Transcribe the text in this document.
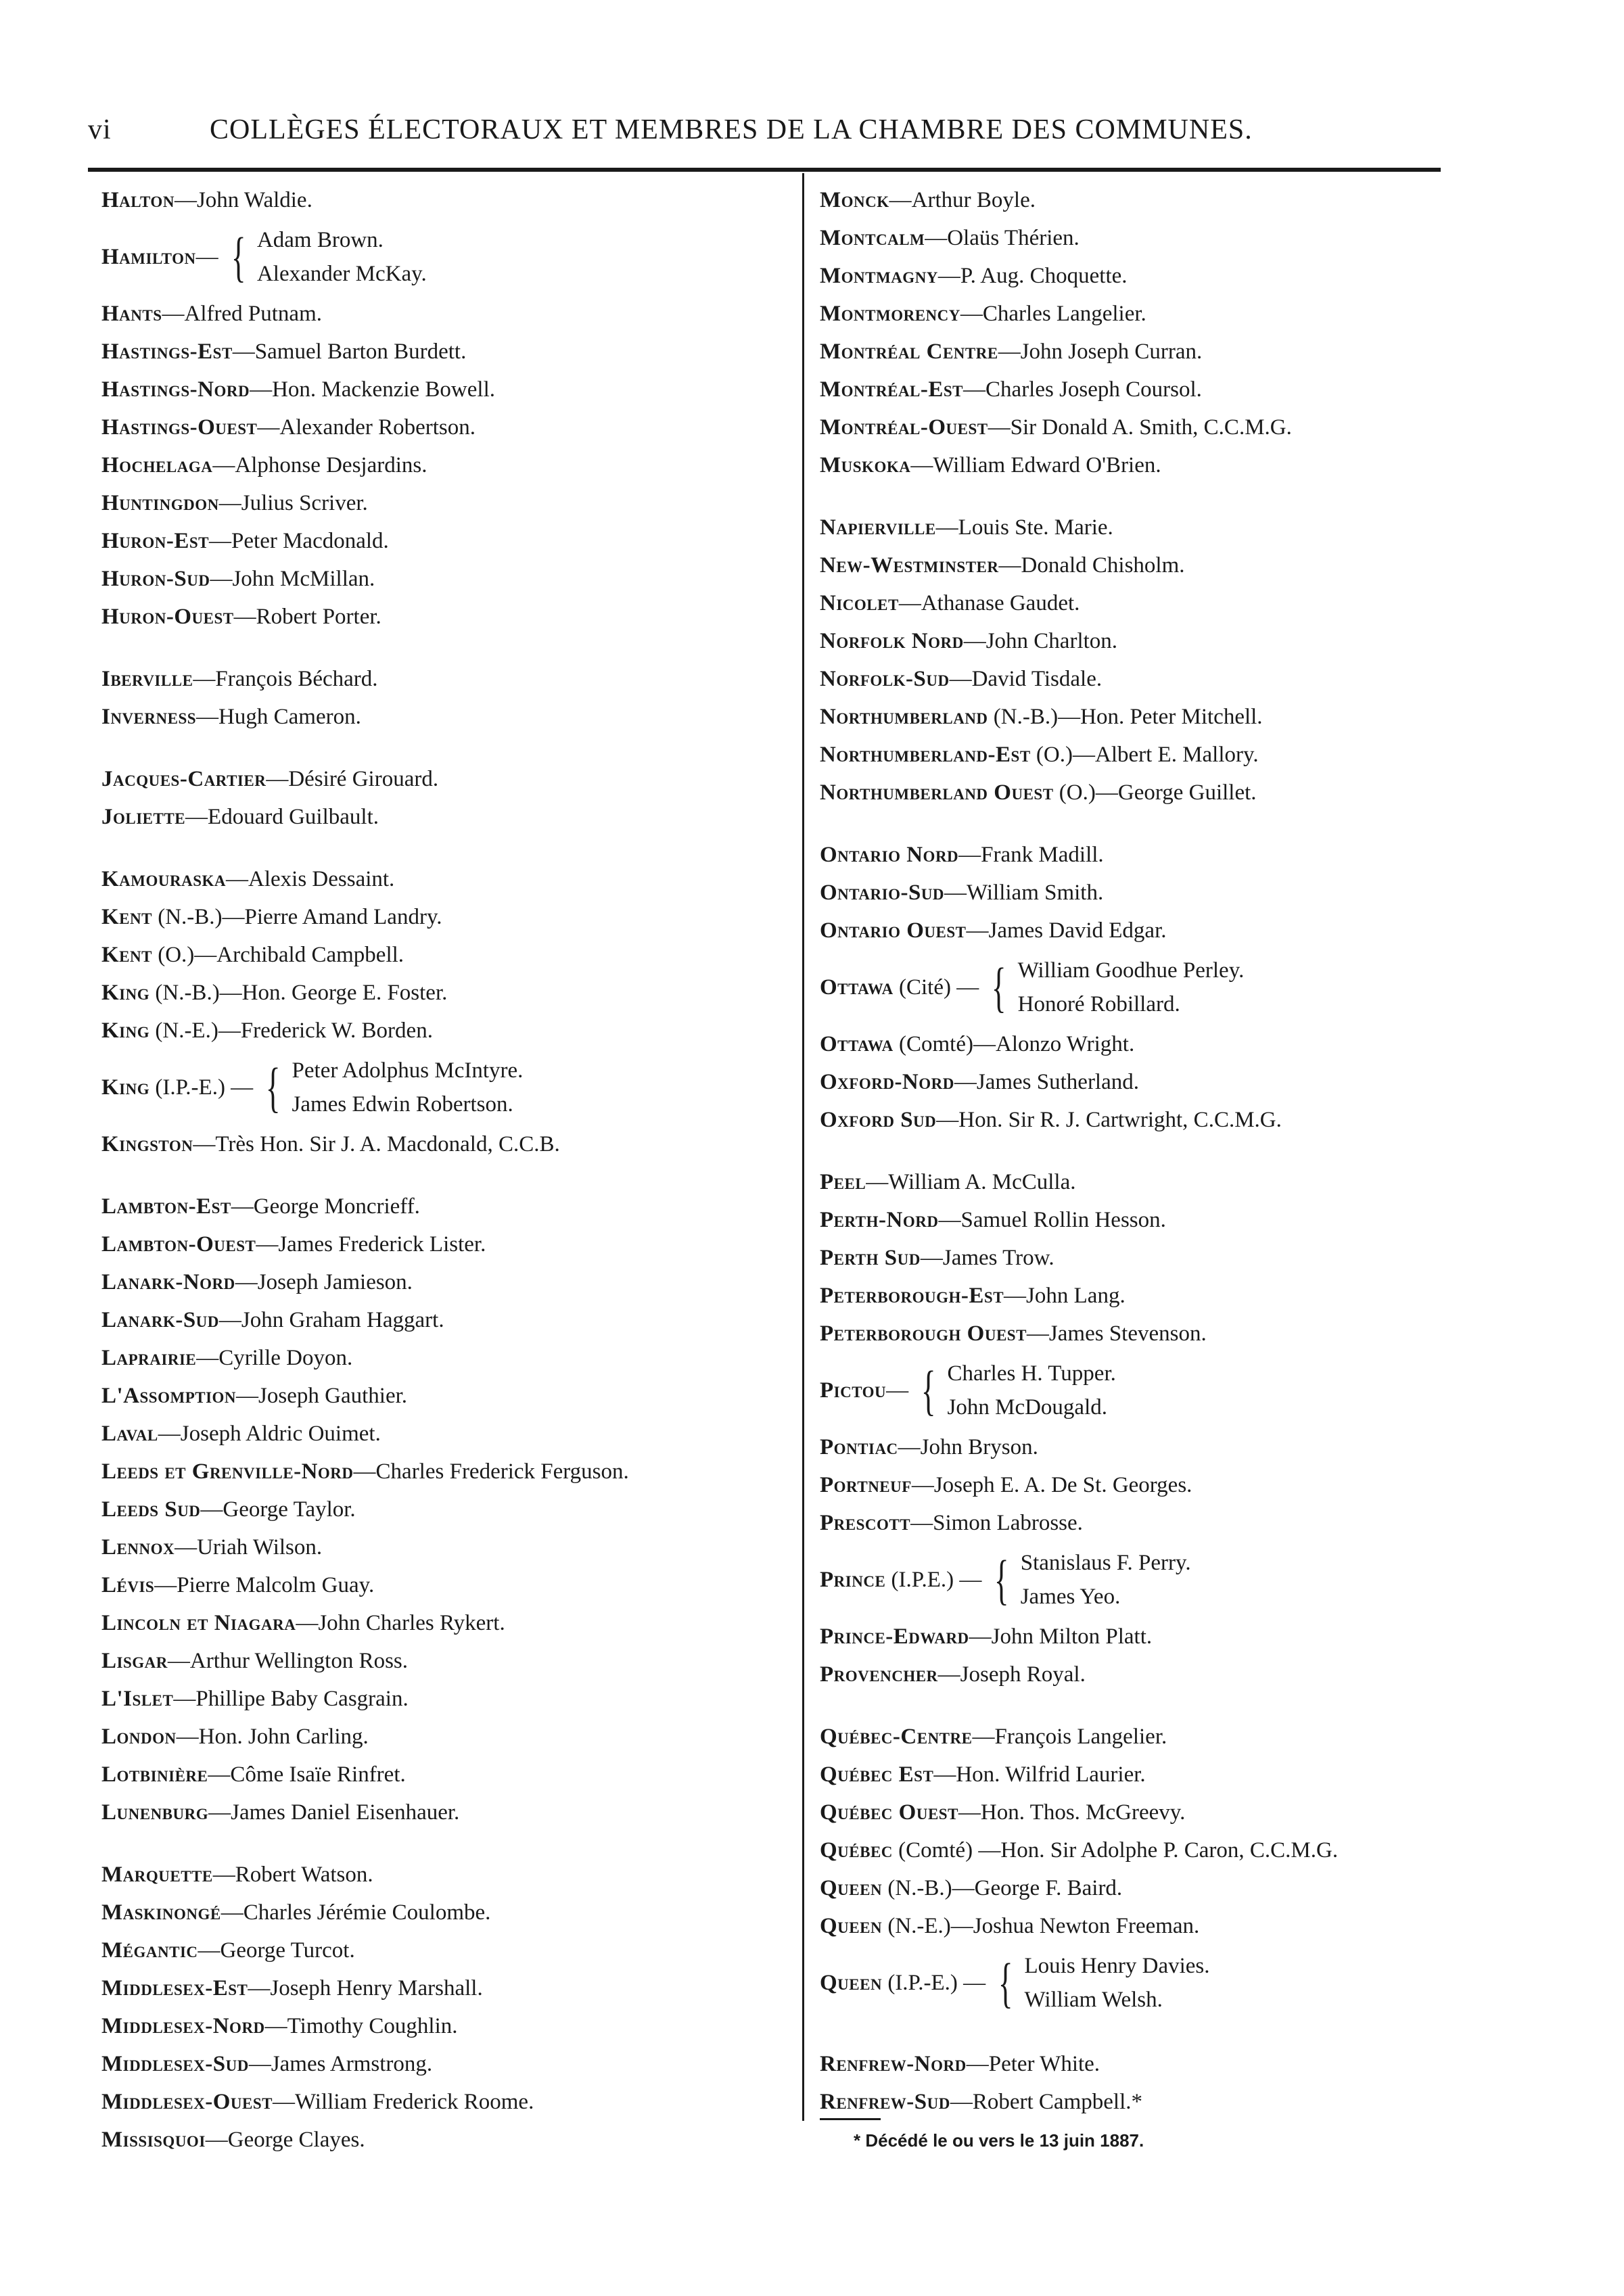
vi	COLLÈGES ÉLECTORAUX ET MEMBRES DE LA CHAMBRE DES COMMUNES.
Halton—John Waldie.
Hamilton— { Adam Brown.
Alexander McKay.
Hants—Alfred Putnam.
Hastings-Est—Samuel Barton Burdett.
Hastings-Nord—Hon. Mackenzie Bowell.
Hastings-Ouest—Alexander Robertson.
Hochelaga—Alphonse Desjardins.
Huntingdon—Julius Scriver.
Huron-Est—Peter Macdonald.
Huron-Sud—John McMillan.
Huron-Ouest—Robert Porter.
Iberville—François Béchard.
Inverness—Hugh Cameron.
Jacques-Cartier—Désiré Girouard.
Joliette—Edouard Guilbault.
Kamouraska—Alexis Dessaint.
Kent (N.-B.)—Pierre Amand Landry.
Kent (O.)—Archibald Campbell.
King (N.-B.)—Hon. George E. Foster.
King (N.-E.)—Frederick W. Borden.
King (I.P.-E.) — { Peter Adolphus McIntyre.
James Edwin Robertson.
Kingston—Très Hon. Sir J. A. Macdonald, C.C.B.
Lambton-Est—George Moncrieff.
Lambton-Ouest—James Frederick Lister.
Lanark-Nord—Joseph Jamieson.
Lanark-Sud—John Graham Haggart.
Laprairie—Cyrille Doyon.
L'Assomption—Joseph Gauthier.
Laval—Joseph Aldric Ouimet.
Leeds et Grenville-Nord—Charles Frederick Ferguson.
Leeds Sud—George Taylor.
Lennox—Uriah Wilson.
Lévis—Pierre Malcolm Guay.
Lincoln et Niagara—John Charles Rykert.
Lisgar—Arthur Wellington Ross.
L'Islet—Phillipe Baby Casgrain.
London—Hon. John Carling.
Lotbinière—Côme Isaïe Rinfret.
Lunenburg—James Daniel Eisenhauer.
Marquette—Robert Watson.
Maskinongé—Charles Jérémie Coulombe.
Mégantic—George Turcot.
Middlesex-Est—Joseph Henry Marshall.
Middlesex-Nord—Timothy Coughlin.
Middlesex-Sud—James Armstrong.
Middlesex-Ouest—William Frederick Roome.
Missisquoi—George Clayes.
Monck—Arthur Boyle.
Montcalm—Olaüs Thérien.
Montmagny—P. Aug. Choquette.
Montmorency—Charles Langelier.
Montréal Centre—John Joseph Curran.
Montréal-Est—Charles Joseph Coursol.
Montréal-Ouest—Sir Donald A. Smith, C.C.M.G.
Muskoka—William Edward O'Brien.
Napierville—Louis Ste. Marie.
New-Westminster—Donald Chisholm.
Nicolet—Athanase Gaudet.
Norfolk Nord—John Charlton.
Norfolk-Sud—David Tisdale.
Northumberland (N.-B.)—Hon. Peter Mitchell.
Northumberland-Est (O.)—Albert E. Mallory.
Northumberland Ouest (O.)—George Guillet.
Ontario Nord—Frank Madill.
Ontario-Sud—William Smith.
Ontario Ouest—James David Edgar.
Ottawa (Cité) — { William Goodhue Perley.
Honoré Robillard.
Ottawa (Comté)—Alonzo Wright.
Oxford-Nord—James Sutherland.
Oxford Sud—Hon. Sir R. J. Cartwright, C.C.M.G.
Peel—William A. McCulla.
Perth-Nord—Samuel Rollin Hesson.
Perth Sud—James Trow.
Peterborough-Est—John Lang.
Peterborough Ouest—James Stevenson.
Pictou— { Charles H. Tupper.
John McDougald.
Pontiac—John Bryson.
Portneuf—Joseph E. A. De St. Georges.
Prescott—Simon Labrosse.
Prince (I.P.E.) — { Stanislaus F. Perry.
James Yeo.
Prince-Edward—John Milton Platt.
Provencher—Joseph Royal.
Québec-Centre—François Langelier.
Québec Est—Hon. Wilfrid Laurier.
Québec Ouest—Hon. Thos. McGreevy.
Québec (Comté) —Hon. Sir Adolphe P. Caron, C.C.M.G.
Queen (N.-B.)—George F. Baird.
Queen (N.-E.)—Joshua Newton Freeman.
Queen (I.P.-E.) — { Louis Henry Davies.
William Welsh.
Renfrew-Nord—Peter White.
Renfrew-Sud—Robert Campbell.*
* Décédé le ou vers le 13 juin 1887.
